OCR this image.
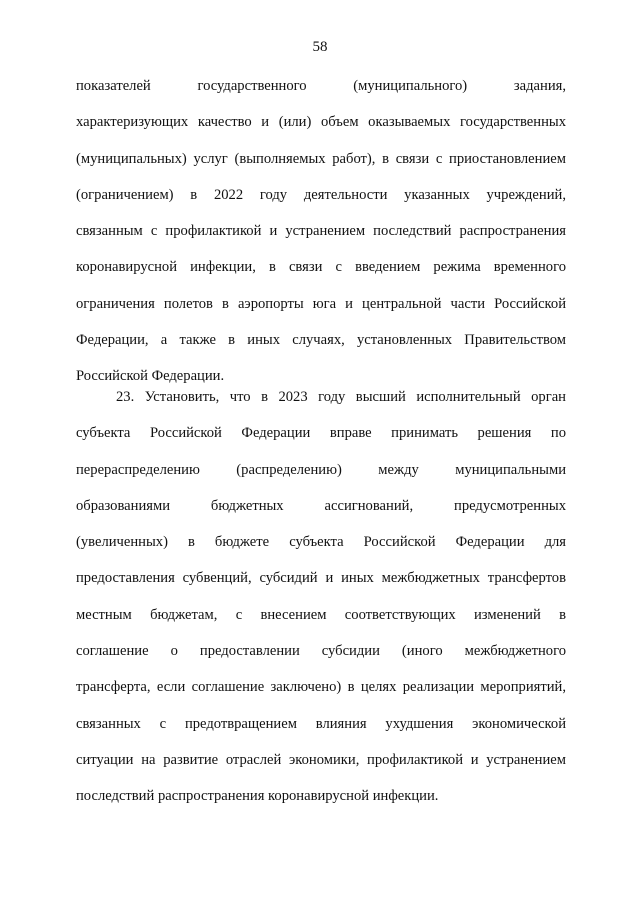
58
показателей государственного (муниципального) задания,
характеризующих качество и (или) объем оказываемых государственных
(муниципальных) услуг (выполняемых работ), в связи с приостановлением
(ограничением) в 2022 году деятельности указанных учреждений,
связанным с профилактикой и устранением последствий распространения
коронавирусной инфекции, в связи с введением режима временного
ограничения полетов в аэропорты юга и центральной части Российской
Федерации, а также в иных случаях, установленных Правительством
Российской Федерации.
23. Установить, что в 2023 году высший исполнительный орган
субъекта Российской Федерации вправе принимать решения по
перераспределению (распределению) между муниципальными
образованиями бюджетных ассигнований, предусмотренных
(увеличенных) в бюджете субъекта Российской Федерации для
предоставления субвенций, субсидий и иных межбюджетных трансфертов
местным бюджетам, с внесением соответствующих изменений в
соглашение о предоставлении субсидии (иного межбюджетного
трансферта, если соглашение заключено) в целях реализации мероприятий,
связанных с предотвращением влияния ухудшения экономической
ситуации на развитие отраслей экономики, профилактикой и устранением
последствий распространения коронавирусной инфекции.
